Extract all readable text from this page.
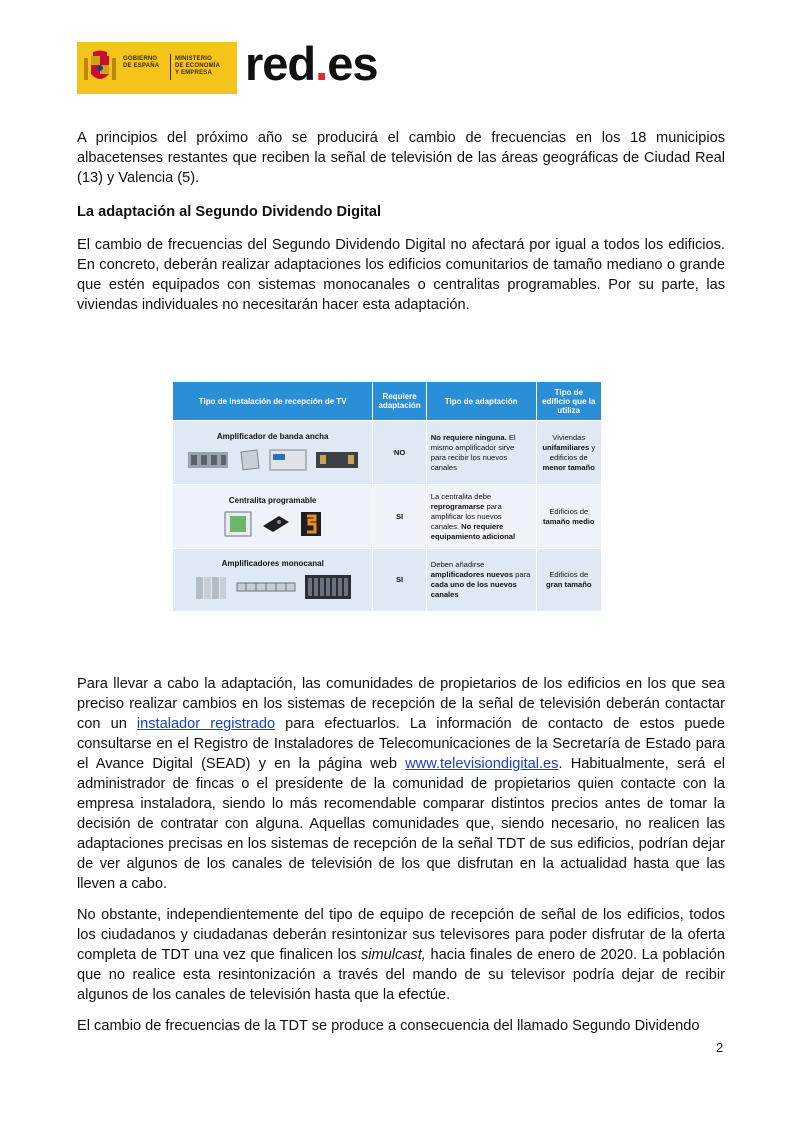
GOBIERNO
DE ESPAÑA
MINISTERIO
DE ECONOMÍA
Y EMPRESA red.es

A principios del próximo año se producirá el cambio de frecuencias en los 18 municipios albacetenses restantes que reciben la señal de televisión de las áreas geográficas de Ciudad Real (13) y Valencia (5).

La adaptación al Segundo Dividendo Digital

El cambio de frecuencias del Segundo Dividendo Digital no afectará por igual a todos los edificios. En concreto, deberán realizar adaptaciones los edificios comunitarios de tamaño mediano o grande que estén equipados con sistemas monocanales o centralitas programables. Por su parte, las viviendas individuales no necesitarán hacer esta adaptación.

Para llevar a cabo la adaptación, las comunidades de propietarios de los edificios en los que sea preciso realizar cambios en los sistemas de recepción de la señal de televisión deberán contactar con un instalador registrado para efectuarlos. La información de contacto de estos puede consultarse en el Registro de Instaladores de Telecomunicaciones de la Secretaría de Estado para el Avance Digital (SEAD) y en la página web www.televisiondigital.es. Habitualmente, será el administrador de fincas o el presidente de la comunidad de propietarios quien contacte con la empresa instaladora, siendo lo más recomendable comparar distintos precios antes de tomar la decisión de contratar con alguna. Aquellas comunidades que, siendo necesario, no realicen las adaptaciones precisas en los sistemas de recepción de la señal TDT de sus edificios, podrían dejar de ver algunos de los canales de televisión de los que disfrutan en la actualidad hasta que las lleven a cabo.

No obstante, independientemente del tipo de equipo de recepción de señal de los edificios, todos los ciudadanos y ciudadanas deberán resintonizar sus televisores para poder disfrutar de la oferta completa de TDT una vez que finalicen los simulcast, hacia finales de enero de 2020. La población que no realice esta resintonización a través del mando de su televisor podría dejar de recibir algunos de los canales de televisión hasta que la efectúe.

El cambio de frecuencias de la TDT se produce a consecuencia del llamado Segundo Dividendo

Tipo de instalación de recepción de TV	Requiere adaptación	Tipo de adaptación	Tipo de edificio que la utiliza

Amplificador de banda ancha	NO	No requiere ninguna. El mismo amplificador sirve para recibir los nuevos canales	Viviendas unifamiliares y edificios de menor tamaño

Centralita programable	SI	La centralita debe reprogramarse para amplificar los nuevos canales. No requiere equipamiento adicional	Edificios de tamaño medio

Amplificadores monocanal	SI	Deben añadirse amplificadores nuevos para cada uno de los nuevos canales	Edificios de gran tamaño
2
